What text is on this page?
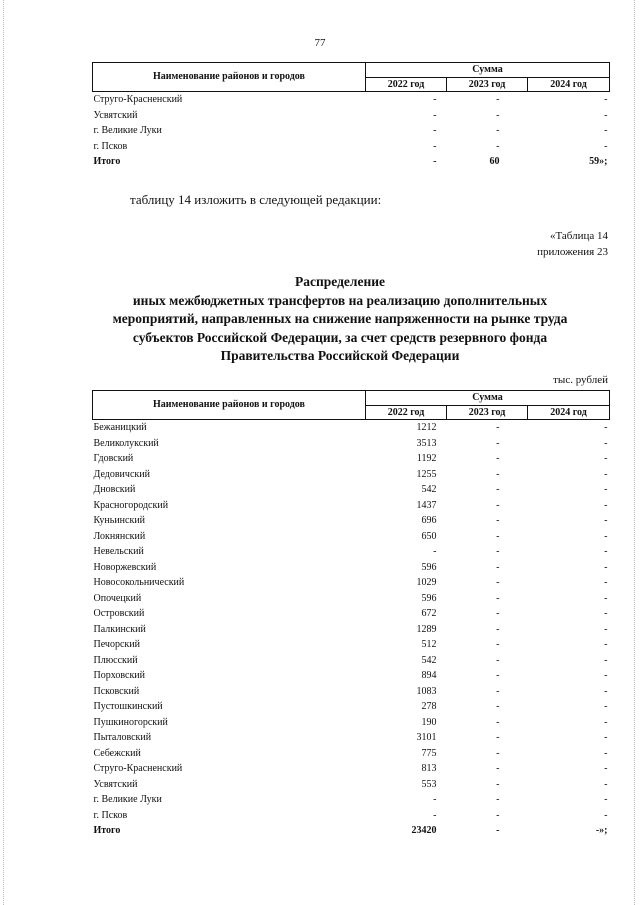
77
Наименование районов и городов	Сумма		
	2022 год	2023 год	2024 год
Струго-Красненский	-	-	-
Усвятский	-	-	-
г. Великие Луки	-	-	-
г. Псков	-	-	-
Итого	-	60	59»;
таблицу 14 изложить в следующей редакции:
«Таблица 14
приложения 23
Распределение
иных межбюджетных трансфертов на реализацию дополнительных
мероприятий, направленных на снижение напряженности на рынке труда
субъектов Российской Федерации, за счет средств резервного фонда
Правительства Российской Федерации
тыс. рублей
Наименование районов и городов	Сумма		
	2022 год	2023 год	2024 год
Бежаницкий	1212	-	-
Великолукский	3513	-	-
Гдовский	1192	-	-
Дедовичский	1255	-	-
Дновский	542	-	-
Красногородский	1437	-	-
Куньинский	696	-	-
Локнянский	650	-	-
Невельский	-	-	-
Новоржевский	596	-	-
Новосокольнический	1029	-	-
Опочецкий	596	-	-
Островский	672	-	-
Палкинский	1289	-	-
Печорский	512	-	-
Плюсский	542	-	-
Порховский	894	-	-
Псковский	1083	-	-
Пустошкинский	278	-	-
Пушкиногорский	190	-	-
Пыталовский	3101	-	-
Себежский	775	-	-
Струго-Красненский	813	-	-
Усвятский	553	-	-
г. Великие Луки	-	-	-
г. Псков	-	-	-
Итого	23420	-	-»;
